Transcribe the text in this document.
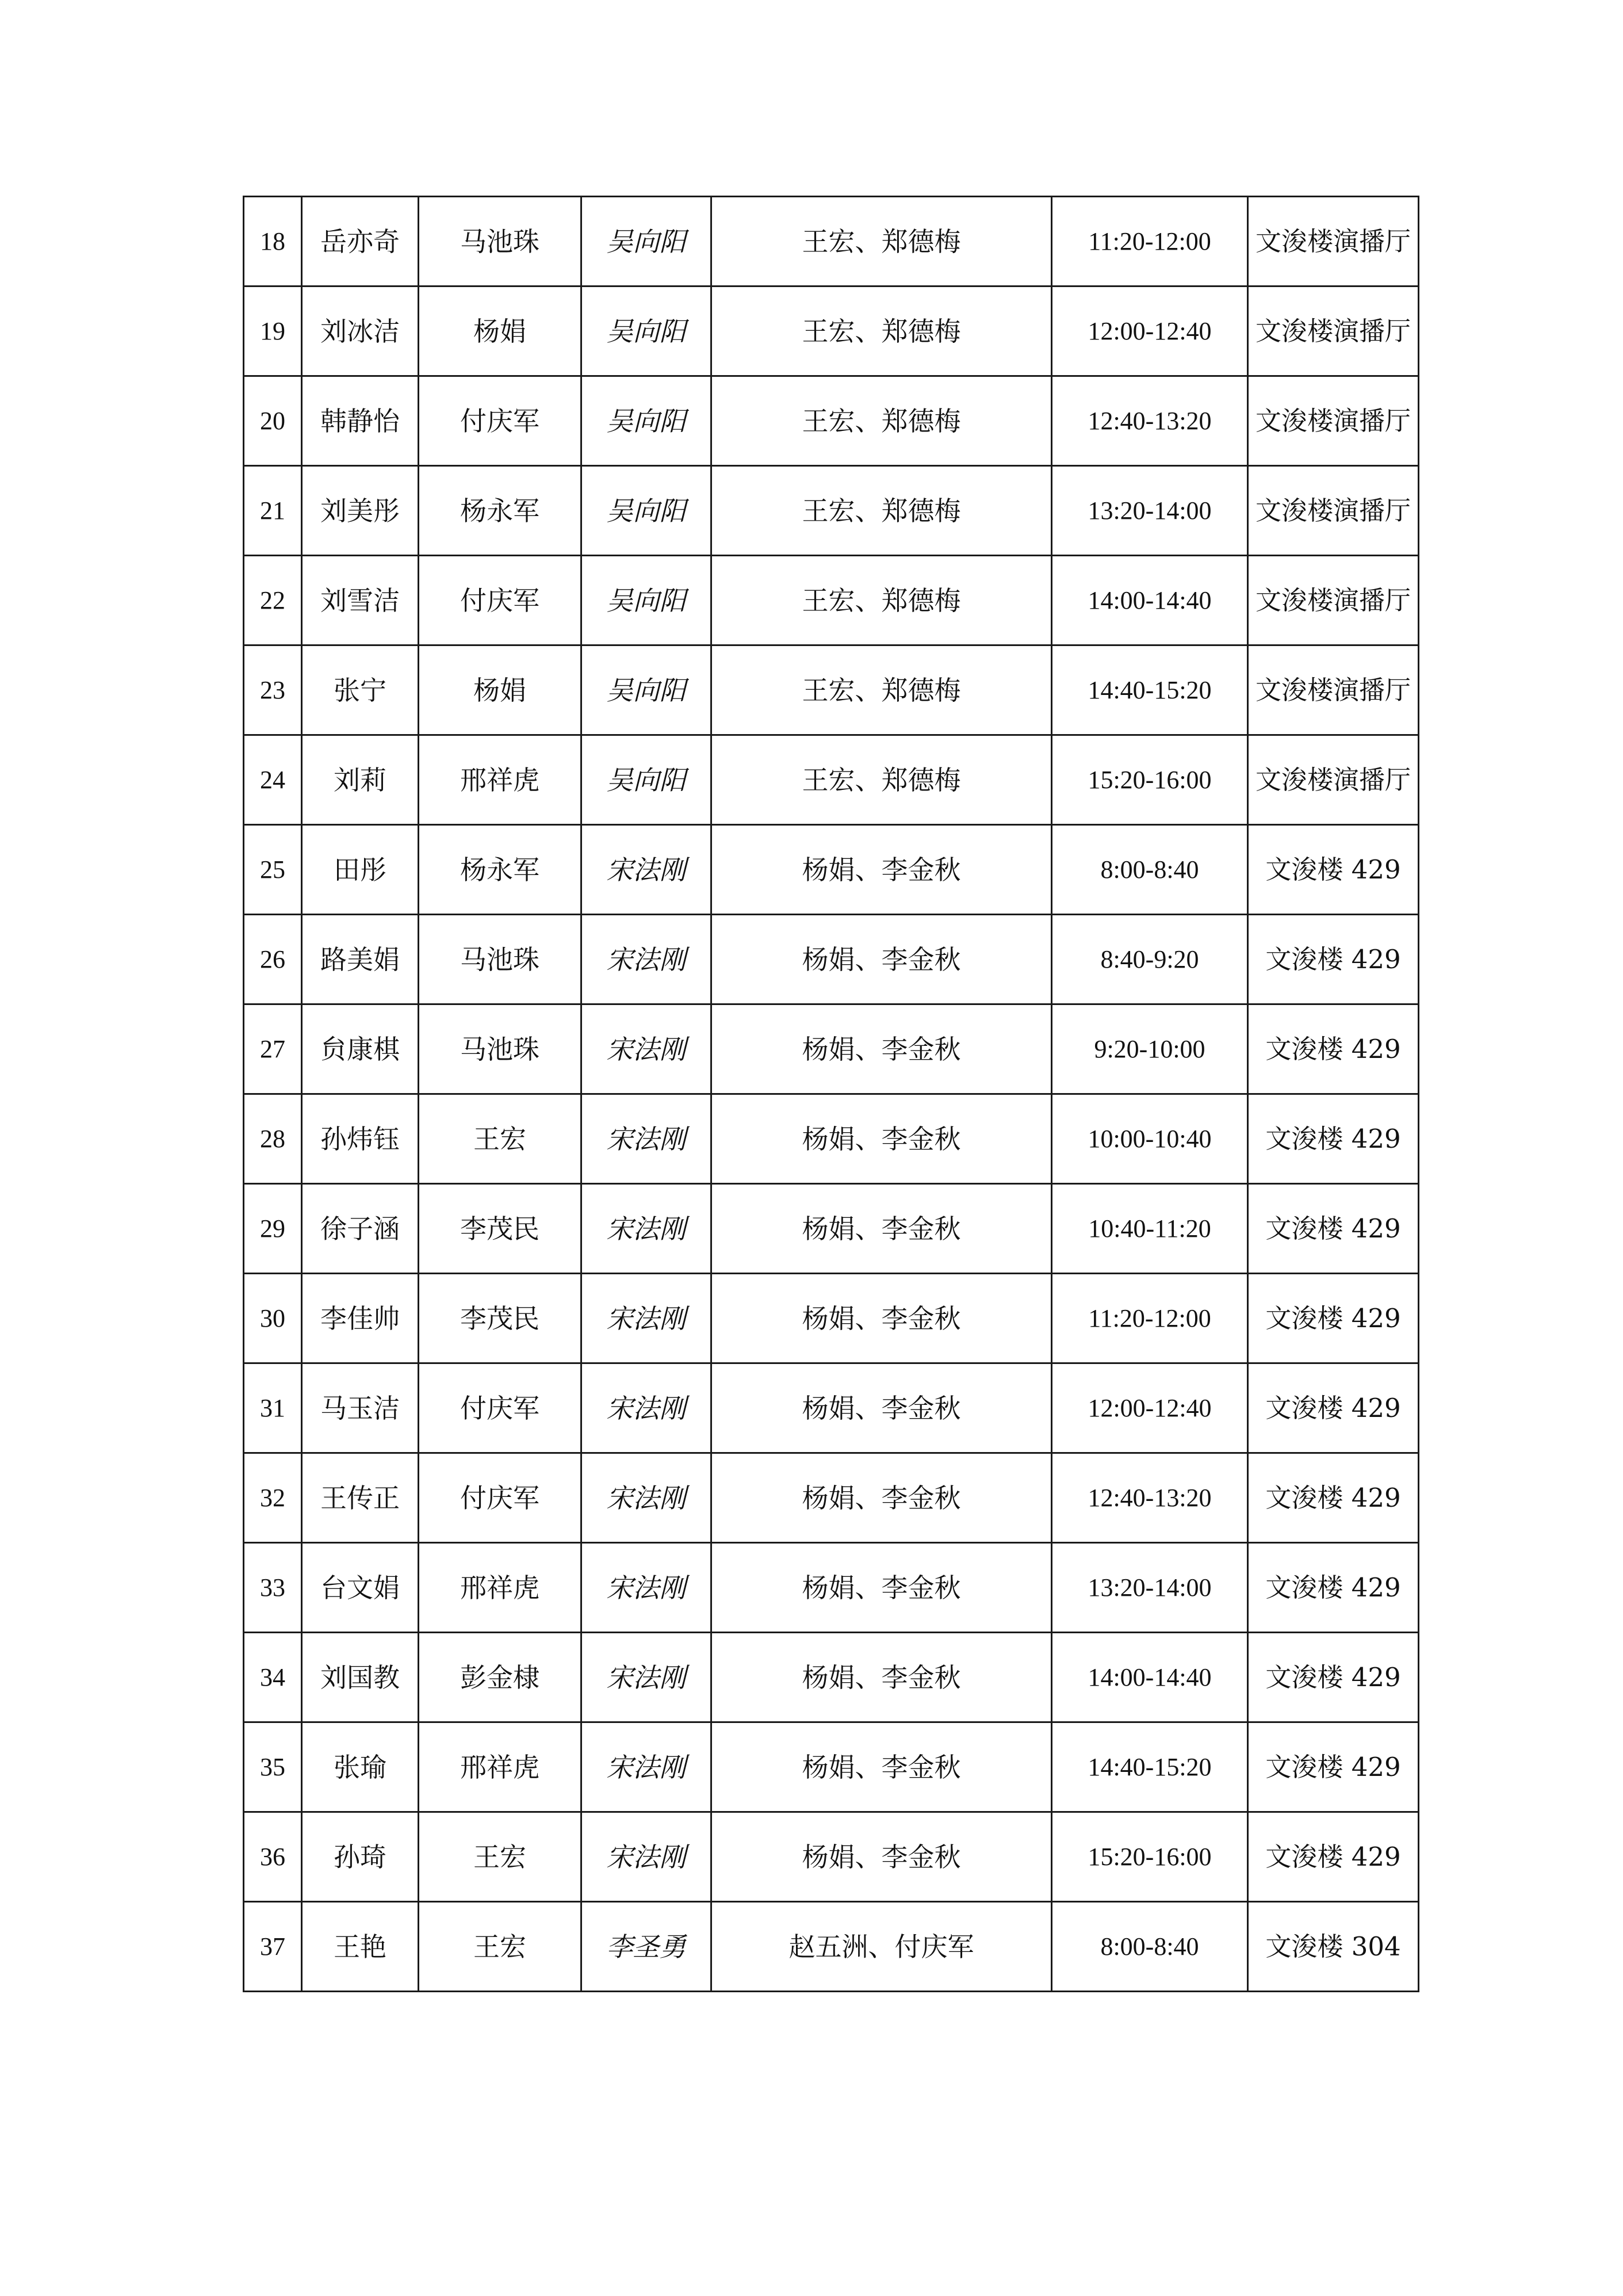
18	岳亦奇	马池珠	吴向阳	王宏、郑德梅	11:20-12:00	文浚楼演播厅
19	刘冰洁	杨娟	吴向阳	王宏、郑德梅	12:00-12:40	文浚楼演播厅
20	韩静怡	付庆军	吴向阳	王宏、郑德梅	12:40-13:20	文浚楼演播厅
21	刘美彤	杨永军	吴向阳	王宏、郑德梅	13:20-14:00	文浚楼演播厅
22	刘雪洁	付庆军	吴向阳	王宏、郑德梅	14:00-14:40	文浚楼演播厅
23	张宁	杨娟	吴向阳	王宏、郑德梅	14:40-15:20	文浚楼演播厅
24	刘莉	邢祥虎	吴向阳	王宏、郑德梅	15:20-16:00	文浚楼演播厅
25	田彤	杨永军	宋法刚	杨娟、李金秋	8:00-8:40	文浚楼 429
26	路美娟	马池珠	宋法刚	杨娟、李金秋	8:40-9:20	文浚楼 429
27	贠康棋	马池珠	宋法刚	杨娟、李金秋	9:20-10:00	文浚楼 429
28	孙炜钰	王宏	宋法刚	杨娟、李金秋	10:00-10:40	文浚楼 429
29	徐子涵	李茂民	宋法刚	杨娟、李金秋	10:40-11:20	文浚楼 429
30	李佳帅	李茂民	宋法刚	杨娟、李金秋	11:20-12:00	文浚楼 429
31	马玉洁	付庆军	宋法刚	杨娟、李金秋	12:00-12:40	文浚楼 429
32	王传正	付庆军	宋法刚	杨娟、李金秋	12:40-13:20	文浚楼 429
33	台文娟	邢祥虎	宋法刚	杨娟、李金秋	13:20-14:00	文浚楼 429
34	刘国教	彭金棣	宋法刚	杨娟、李金秋	14:00-14:40	文浚楼 429
35	张瑜	邢祥虎	宋法刚	杨娟、李金秋	14:40-15:20	文浚楼 429
36	孙琦	王宏	宋法刚	杨娟、李金秋	15:20-16:00	文浚楼 429
37	王艳	王宏	李圣勇	赵五洲、付庆军	8:00-8:40	文浚楼 304
